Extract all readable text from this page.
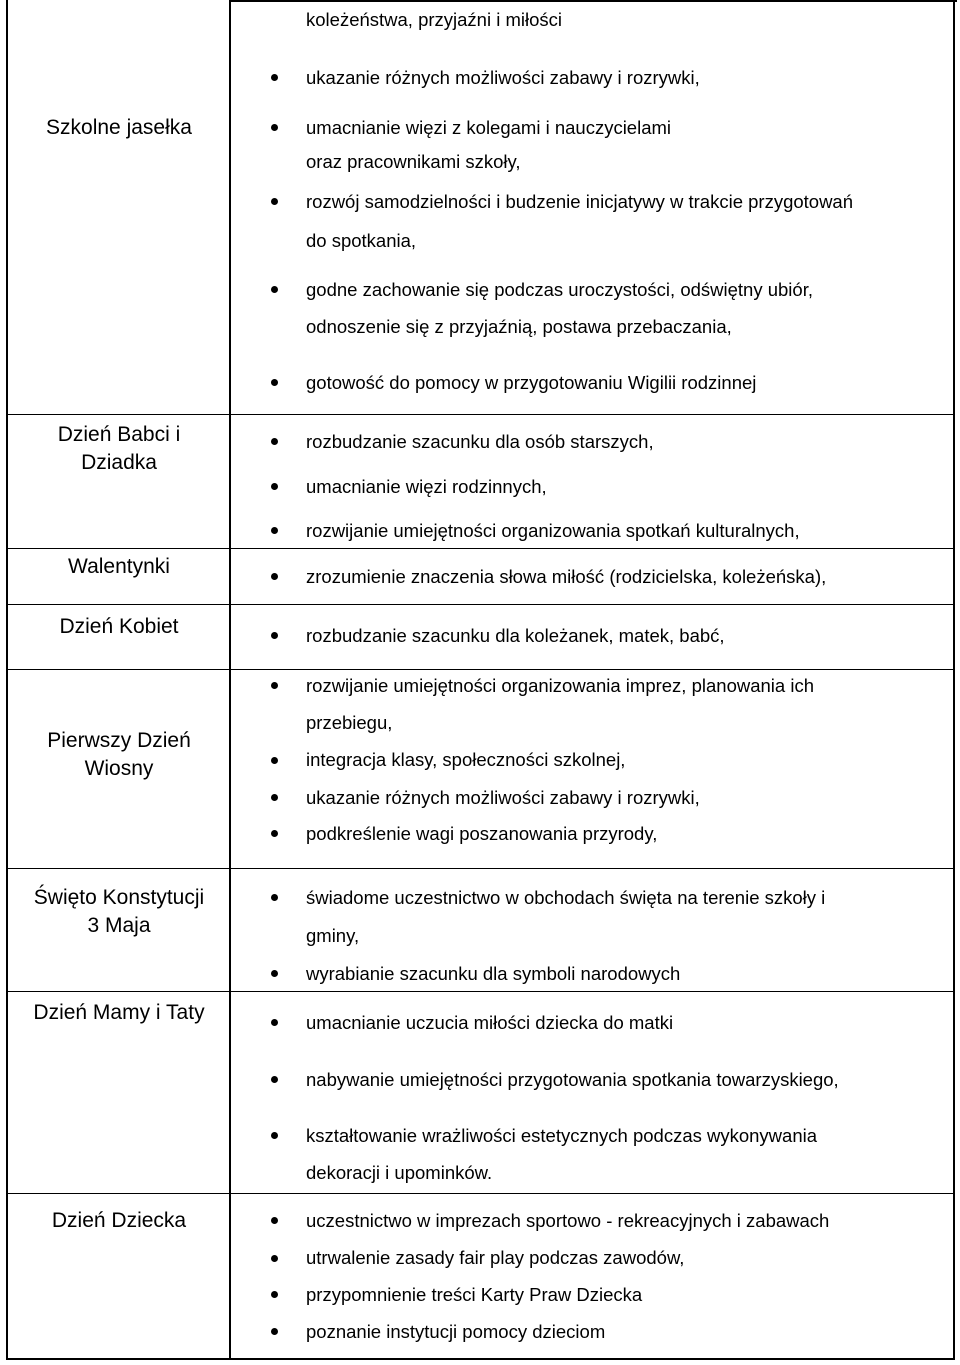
Szkolne jasełka
Dzień Babci i
Dziadka
Walentynki
Dzień Kobiet
Pierwszy Dzień
Wiosny
Święto Konstytucji
3 Maja
Dzień Mamy i Taty
Dzień Dziecka
koleżeństwa, przyjaźni i miłości
ukazanie różnych możliwości zabawy i rozrywki,
umacnianie więzi z kolegami i nauczycielami
oraz pracownikami szkoły,
rozwój samodzielności i budzenie inicjatywy w trakcie przygotowań
do spotkania,
godne zachowanie się podczas uroczystości, odświętny ubiór,
odnoszenie się z przyjaźnią, postawa przebaczania,
gotowość do pomocy w przygotowaniu Wigilii rodzinnej
rozbudzanie szacunku dla osób starszych,
umacnianie więzi rodzinnych,
rozwijanie umiejętności organizowania spotkań kulturalnych,
zrozumienie znaczenia słowa miłość (rodzicielska, koleżeńska),
rozbudzanie szacunku dla koleżanek, matek, babć,
rozwijanie umiejętności organizowania imprez, planowania ich
przebiegu,
integracja klasy, społeczności szkolnej,
ukazanie różnych możliwości zabawy i rozrywki,
podkreślenie wagi poszanowania przyrody,
świadome uczestnictwo w obchodach święta na terenie szkoły i
gminy,
wyrabianie szacunku dla symboli narodowych
umacnianie uczucia miłości dziecka do matki
nabywanie umiejętności przygotowania spotkania towarzyskiego,
kształtowanie wrażliwości estetycznych podczas wykonywania
dekoracji i upominków.
uczestnictwo w imprezach sportowo - rekreacyjnych i zabawach
utrwalenie zasady fair play podczas zawodów,
przypomnienie treści Karty Praw Dziecka
poznanie instytucji pomocy dzieciom
